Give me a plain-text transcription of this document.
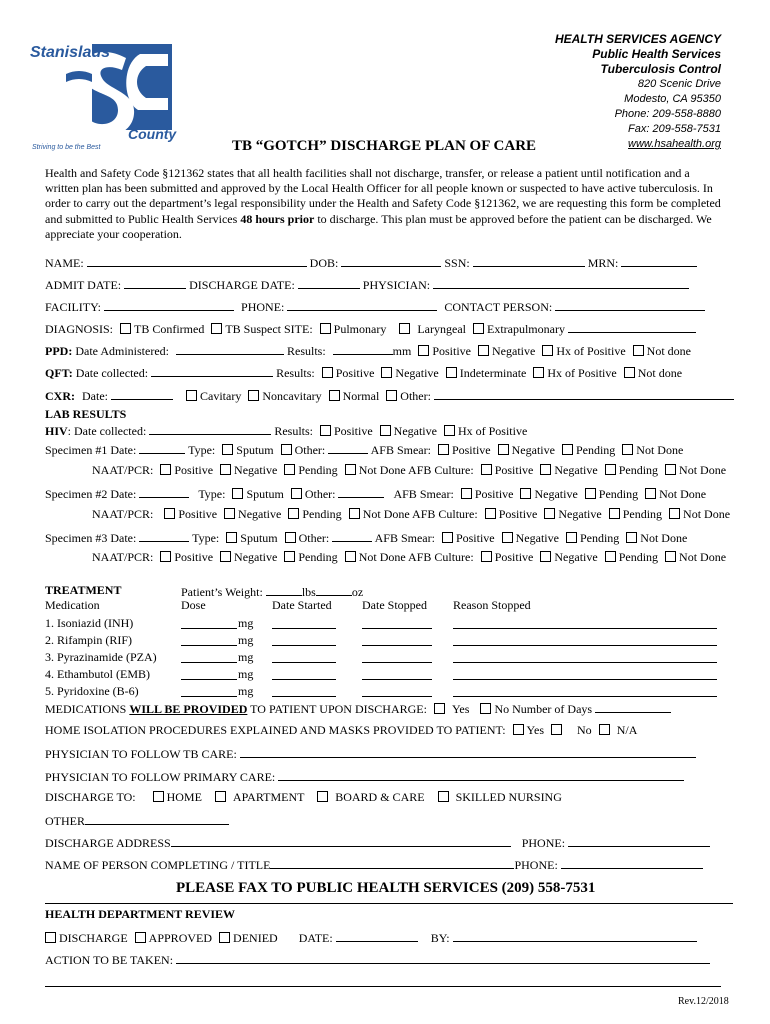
Stanislaus
County
Striving to be the Best
HEALTH SERVICES AGENCY
Public Health Services
Tuberculosis Control
820 Scenic Drive
Modesto, CA 95350
Phone: 209-558-8880
Fax: 209-558-7531
www.hsahealth.org
TB “GOTCH” DISCHARGE PLAN OF CARE
Health and Safety Code §121362 states that all health facilities shall not discharge, transfer, or release a patient until notification and a written plan has been submitted and approved by the Local Health Officer for all people known or suspected to have active tuberculosis. In order to carry out the department’s legal responsibility under the Health and Safety Code §121362, we are requesting this form be completed and submitted to Public Health Services 48 hours prior to discharge. This plan must be approved before the patient can be discharged. We appreciate your cooperation.
NAME:	DOB:	SSN:	MRN:
ADMIT DATE:	DISCHARGE DATE:	PHYSICIAN:
FACILITY:	PHONE:	CONTACT PERSON:
DIAGNOSIS: TB Confirmed TB Suspect SITE: Pulmonary	Laryngeal Extrapulmonary
PPD: Date Administered:	Results:	mm Positive Negative Hx of Positive Not done
QFT: Date collected:	Results: Positive Negative Indeterminate Hx of Positive Not done
CXR: Date:	Cavitary Noncavitary Normal Other:
LAB RESULTS
HIV: Date collected:	Results: Positive Negative Hx of Positive
Specimen #1 Date:	Type: Sputum Other:	AFB Smear: Positive Negative Pending Not Done
NAAT/PCR: Positive Negative Pending Not Done AFB Culture: Positive Negative Pending Not Done
Specimen #2 Date:	Type: Sputum Other:	AFB Smear: Positive Negative Pending Not Done
NAAT/PCR: Positive Negative Pending Not Done AFB Culture: Positive Negative Pending Not Done
Specimen #3 Date:	Type: Sputum Other:	AFB Smear: Positive Negative Pending Not Done
NAAT/PCR: Positive Negative Pending Not Done AFB Culture: Positive Negative Pending Not Done
TREATMENT	Patient’s Weight:	lbs	oz
Medication	Dose	Date Started	Date Stopped Reason Stopped
1. Isoniazid (INH)	mg
2. Rifampin (RIF)	mg
3. Pyrazinamide (PZA)	mg
4. Ethambutol (EMB)	mg
5. Pyridoxine (B-6)	mg
MEDICATIONS WILL BE PROVIDED TO PATIENT UPON DISCHARGE: Yes No Number of Days
HOME ISOLATION PROCEDURES EXPLAINED AND MASKS PROVIDED TO PATIENT: Yes	No N/A
PHYSICIAN TO FOLLOW TB CARE:
PHYSICIAN TO FOLLOW PRIMARY CARE:
DISCHARGE TO:	HOME	APARTMENT	BOARD & CARE	SKILLED NURSING
OTHER
DISCHARGE ADDRESS	PHONE:
NAME OF PERSON COMPLETING / TITLE	PHONE:
PLEASE FAX TO PUBLIC HEALTH SERVICES (209) 558-7531
HEALTH DEPARTMENT REVIEW
DISCHARGE APPROVED DENIED DATE:	BY:
ACTION TO BE TAKEN:
Rev.12/2018
